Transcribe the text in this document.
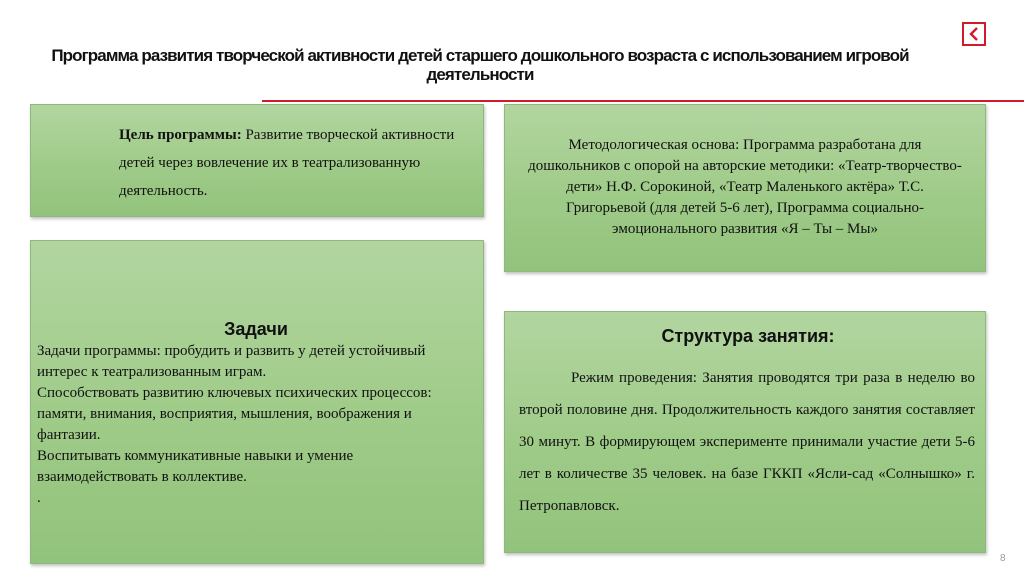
Программа развития творческой активности детей старшего дошкольного возраста с использованием игровой деятельности
Цель программы: Развитие творческой активности детей через вовлечение их в театрализованную деятельность.
Методологическая основа: Программа разработана для дошкольников с опорой на авторские методики: «Театр-творчество-дети» Н.Ф. Сорокиной, «Театр Маленького актёра» Т.С. Григорьевой (для детей 5-6 лет), Программа социально-эмоционального развития «Я – Ты – Мы»
Задачи

Задачи программы: пробудить и развить у детей устойчивый интерес к театрализованным играм.

Способствовать развитию ключевых психических процессов: памяти, внимания, восприятия, мышления, воображения и фантазии.

Воспитывать коммуникативные навыки и умение взаимодействовать в коллективе.

.

Структура занятия:
Режим проведения: Занятия проводятся три раза в неделю во второй половине дня. Продолжительность каждого занятия составляет 30 минут. В формирующем эксперименте принимали участие дети 5-6 лет в количестве 35 человек. на базе ГККП «Ясли-сад «Солнышко» г. Петропавловск.
8
